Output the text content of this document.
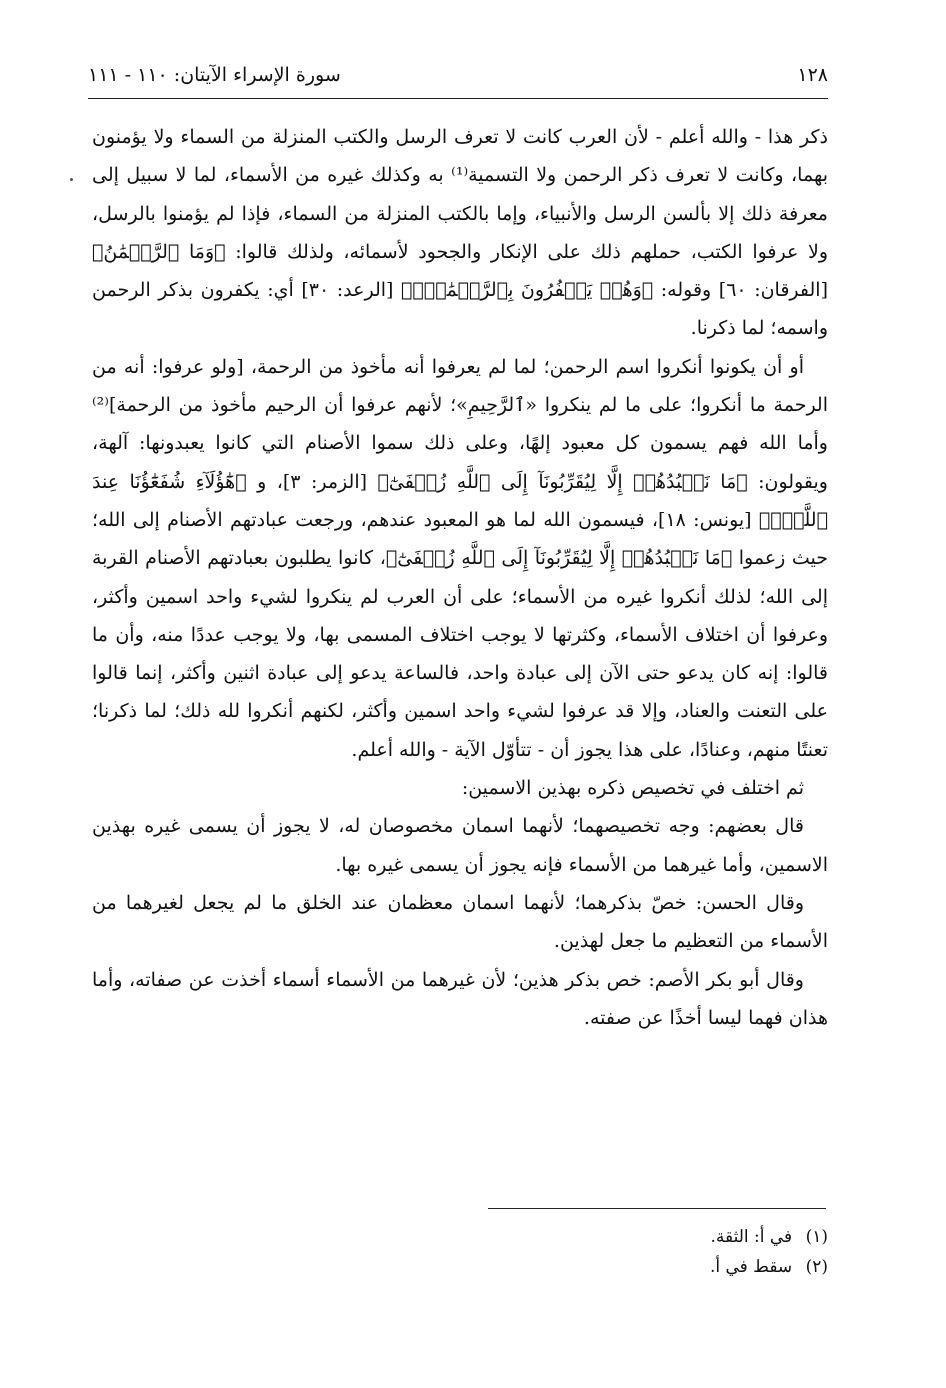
١٢٨
سورة الإسراء الآيتان: ١١٠ - ١١١

ذكر هذا - والله أعلم - لأن العرب كانت لا تعرف الرسل والكتب المنزلة من السماء ولا يؤمنون بهما، وكانت لا تعرف ذكر الرحمن ولا التسمية⁽¹⁾ به وكذلك غيره من الأسماء، لما لا سبيل إلى معرفة ذلك إلا بألسن الرسل والأنبياء، وإما بالكتب المنزلة من السماء، فإذا لم يؤمنوا بالرسل، ولا عرفوا الكتب، حملهم ذلك على الإنكار والجحود لأسمائه، ولذلك قالوا: ﴿وَمَا ٱلرَّحۡمَٰنُ﴾ [الفرقان: ٦٠] وقوله: ﴿وَهُمۡ يَكۡفُرُونَ بِٱلرَّحۡمَٰنِۚ﴾ [الرعد: ٣٠] أي: يكفرون بذكر الرحمن واسمه؛ لما ذكرنا.

أو أن يكونوا أنكروا اسم الرحمن؛ لما لم يعرفوا أنه مأخوذ من الرحمة، [ولو عرفوا: أنه من الرحمة ما أنكروا؛ على ما لم ينكروا «ٱلرَّحِيمِ»؛ لأنهم عرفوا أن الرحيم مأخوذ من الرحمة]⁽²⁾ وأما الله فهم يسمون كل معبود إلهًا، وعلى ذلك سموا الأصنام التي كانوا يعبدونها: آلهة، ويقولون: ﴿مَا نَعۡبُدُهُمۡ إِلَّا لِيُقَرِّبُونَآ إِلَى ٱللَّهِ زُلۡفَىٰٓ﴾ [الزمر: ٣]، و ﴿هَٰٓؤُلَآءِ شُفَعَٰٓؤُنَا عِندَ ٱللَّهِۚ﴾ [يونس: ١٨]، فيسمون الله لما هو المعبود عندهم، ورجعت عبادتهم الأصنام إلى الله؛ حيث زعموا ﴿مَا نَعۡبُدُهُمۡ إِلَّا لِيُقَرِّبُونَآ إِلَى ٱللَّهِ زُلۡفَىٰٓ﴾، كانوا يطلبون بعبادتهم الأصنام القربة إلى الله؛ لذلك أنكروا غيره من الأسماء؛ على أن العرب لم ينكروا لشيء واحد اسمين وأكثر، وعرفوا أن اختلاف الأسماء، وكثرتها لا يوجب اختلاف المسمى بها، ولا يوجب عددًا منه، وأن ما قالوا: إنه كان يدعو حتى الآن إلى عبادة واحد، فالساعة يدعو إلى عبادة اثنين وأكثر، إنما قالوا على التعنت والعناد، وإلا قد عرفوا لشيء واحد اسمين وأكثر، لكنهم أنكروا لله ذلك؛ لما ذكرنا؛ تعنتًا منهم، وعنادًا، على هذا يجوز أن - تتأوّل الآية - والله أعلم.

ثم اختلف في تخصيص ذكره بهذين الاسمين:

قال بعضهم: وجه تخصيصهما؛ لأنهما اسمان مخصوصان له، لا يجوز أن يسمى غيره بهذين الاسمين، وأما غيرهما من الأسماء فإنه يجوز أن يسمى غيره بها.

وقال الحسن: خصّ بذكرهما؛ لأنهما اسمان معظمان عند الخلق ما لم يجعل لغيرهما من الأسماء من التعظيم ما جعل لهذين.

وقال أبو بكر الأصم: خص بذكر هذين؛ لأن غيرهما من الأسماء أسماء أخذت عن صفاته، وأما هذان فهما ليسا أخذًا عن صفته.

(١) في أ: الثقة.
(٢) سقط في أ.
